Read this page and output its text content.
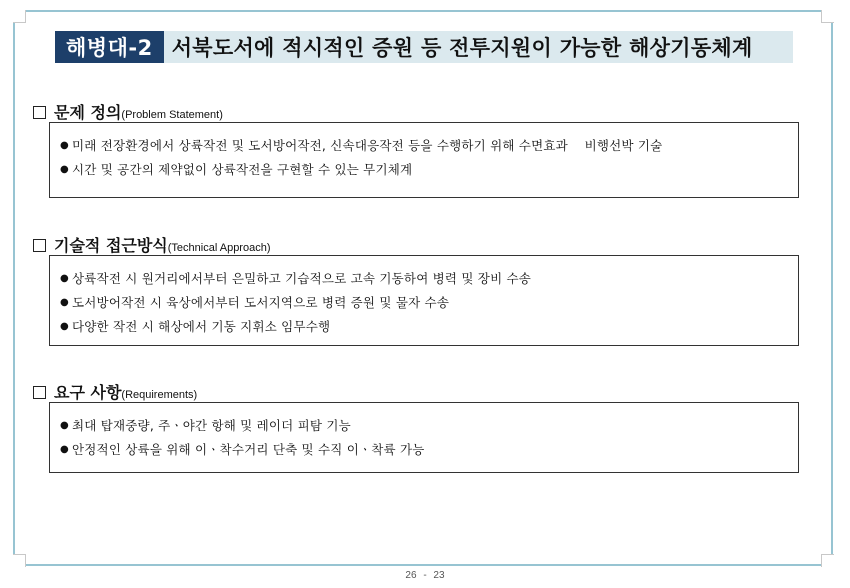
해병대-2 서북도서에 적시적인 증원 등 전투지원이 가능한 해상기동체계
문제 정의 (Problem Statement)
● 미래 전장환경에서 상륙작전 및 도서방어작전, 신속대응작전 등을 수행하기 위해 수면효과    비행선박 기술
● 시간 및 공간의 제약없이 상륙작전을 구현할 수 있는 무기체계
기술적 접근방식 (Technical Approach)
● 상륙작전 시 원거리에서부터 은밀하고 기습적으로 고속 기동하여 병력 및 장비 수송
● 도서방어작전 시 육상에서부터 도서지역으로 병력 증원 및 물자 수송
● 다양한 작전 시 해상에서 기동 지휘소 임무수행
요구 사항 (Requirements)
● 최대 탑재중량, 주ㆍ야간 항해 및 레이더 피탐 기능
● 안정적인 상륙을 위해 이ㆍ착수거리 단축 및 수직 이ㆍ착륙 가능
26 - 23
